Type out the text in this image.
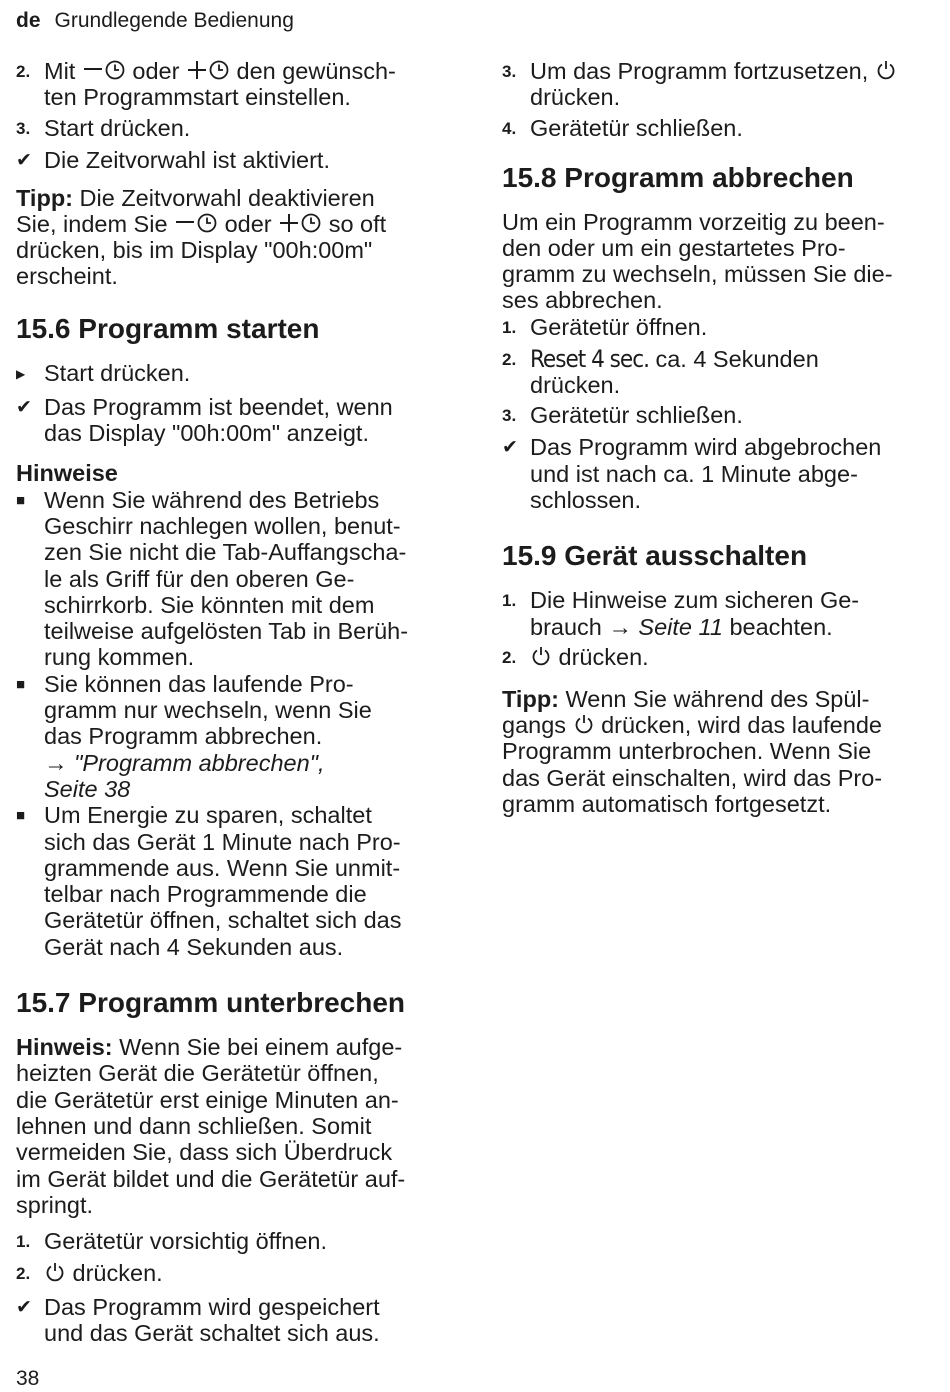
de Grundlegende Bedienung
2. Mit oder den gewünsch-
ten Programmstart einstellen.
3. Start drücken.
✔ Die Zeitvorwahl ist aktiviert.
Tipp: Die Zeitvorwahl deaktivieren
Sie, indem Sie oder so oft
drücken, bis im Display "00h:00m"
erscheint.
15.6 Programm starten
▶ Start drücken.
✔ Das Programm ist beendet, wenn
das Display "00h:00m" anzeigt.
Hinweise
■ Wenn Sie während des Betriebs
Geschirr nachlegen wollen, benut-
zen Sie nicht die Tab-Auffangscha-
le als Griff für den oberen Ge-
schirrkorb. Sie könnten mit dem
teilweise aufgelösten Tab in Berüh-
rung kommen.
■ Sie können das laufende Pro-
gramm nur wechseln, wenn Sie
das Programm abbrechen.
→ "Programm abbrechen",
Seite 38
■ Um Energie zu sparen, schaltet
sich das Gerät 1 Minute nach Pro-
grammende aus. Wenn Sie unmit-
telbar nach Programmende die
Gerätetür öffnen, schaltet sich das
Gerät nach 4 Sekunden aus.
15.7 Programm unterbrechen
Hinweis: Wenn Sie bei einem aufge-
heizten Gerät die Gerätetür öffnen,
die Gerätetür erst einige Minuten an-
lehnen und dann schließen. Somit
vermeiden Sie, dass sich Überdruck
im Gerät bildet und die Gerätetür auf-
springt.
1. Gerätetür vorsichtig öffnen.
2.	drücken.
✔ Das Programm wird gespeichert
und das Gerät schaltet sich aus.
3. Um das Programm fortzusetzen,
drücken.
4. Gerätetür schließen.
15.8 Programm abbrechen
Um ein Programm vorzeitig zu been-
den oder um ein gestartetes Pro-
gramm zu wechseln, müssen Sie die-
ses abbrechen.
1. Gerätetür öffnen.
2. Reset 4 sec. ca. 4 Sekunden
drücken.
3. Gerätetür schließen.
✔ Das Programm wird abgebrochen
und ist nach ca. 1 Minute abge-
schlossen.
15.9 Gerät ausschalten
1. Die Hinweise zum sicheren Ge-
brauch → Seite 11 beachten.
2.	drücken.
Tipp: Wenn Sie während des Spül-
gangs  drücken, wird das laufende
Programm unterbrochen. Wenn Sie
das Gerät einschalten, wird das Pro-
gramm automatisch fortgesetzt.
38
